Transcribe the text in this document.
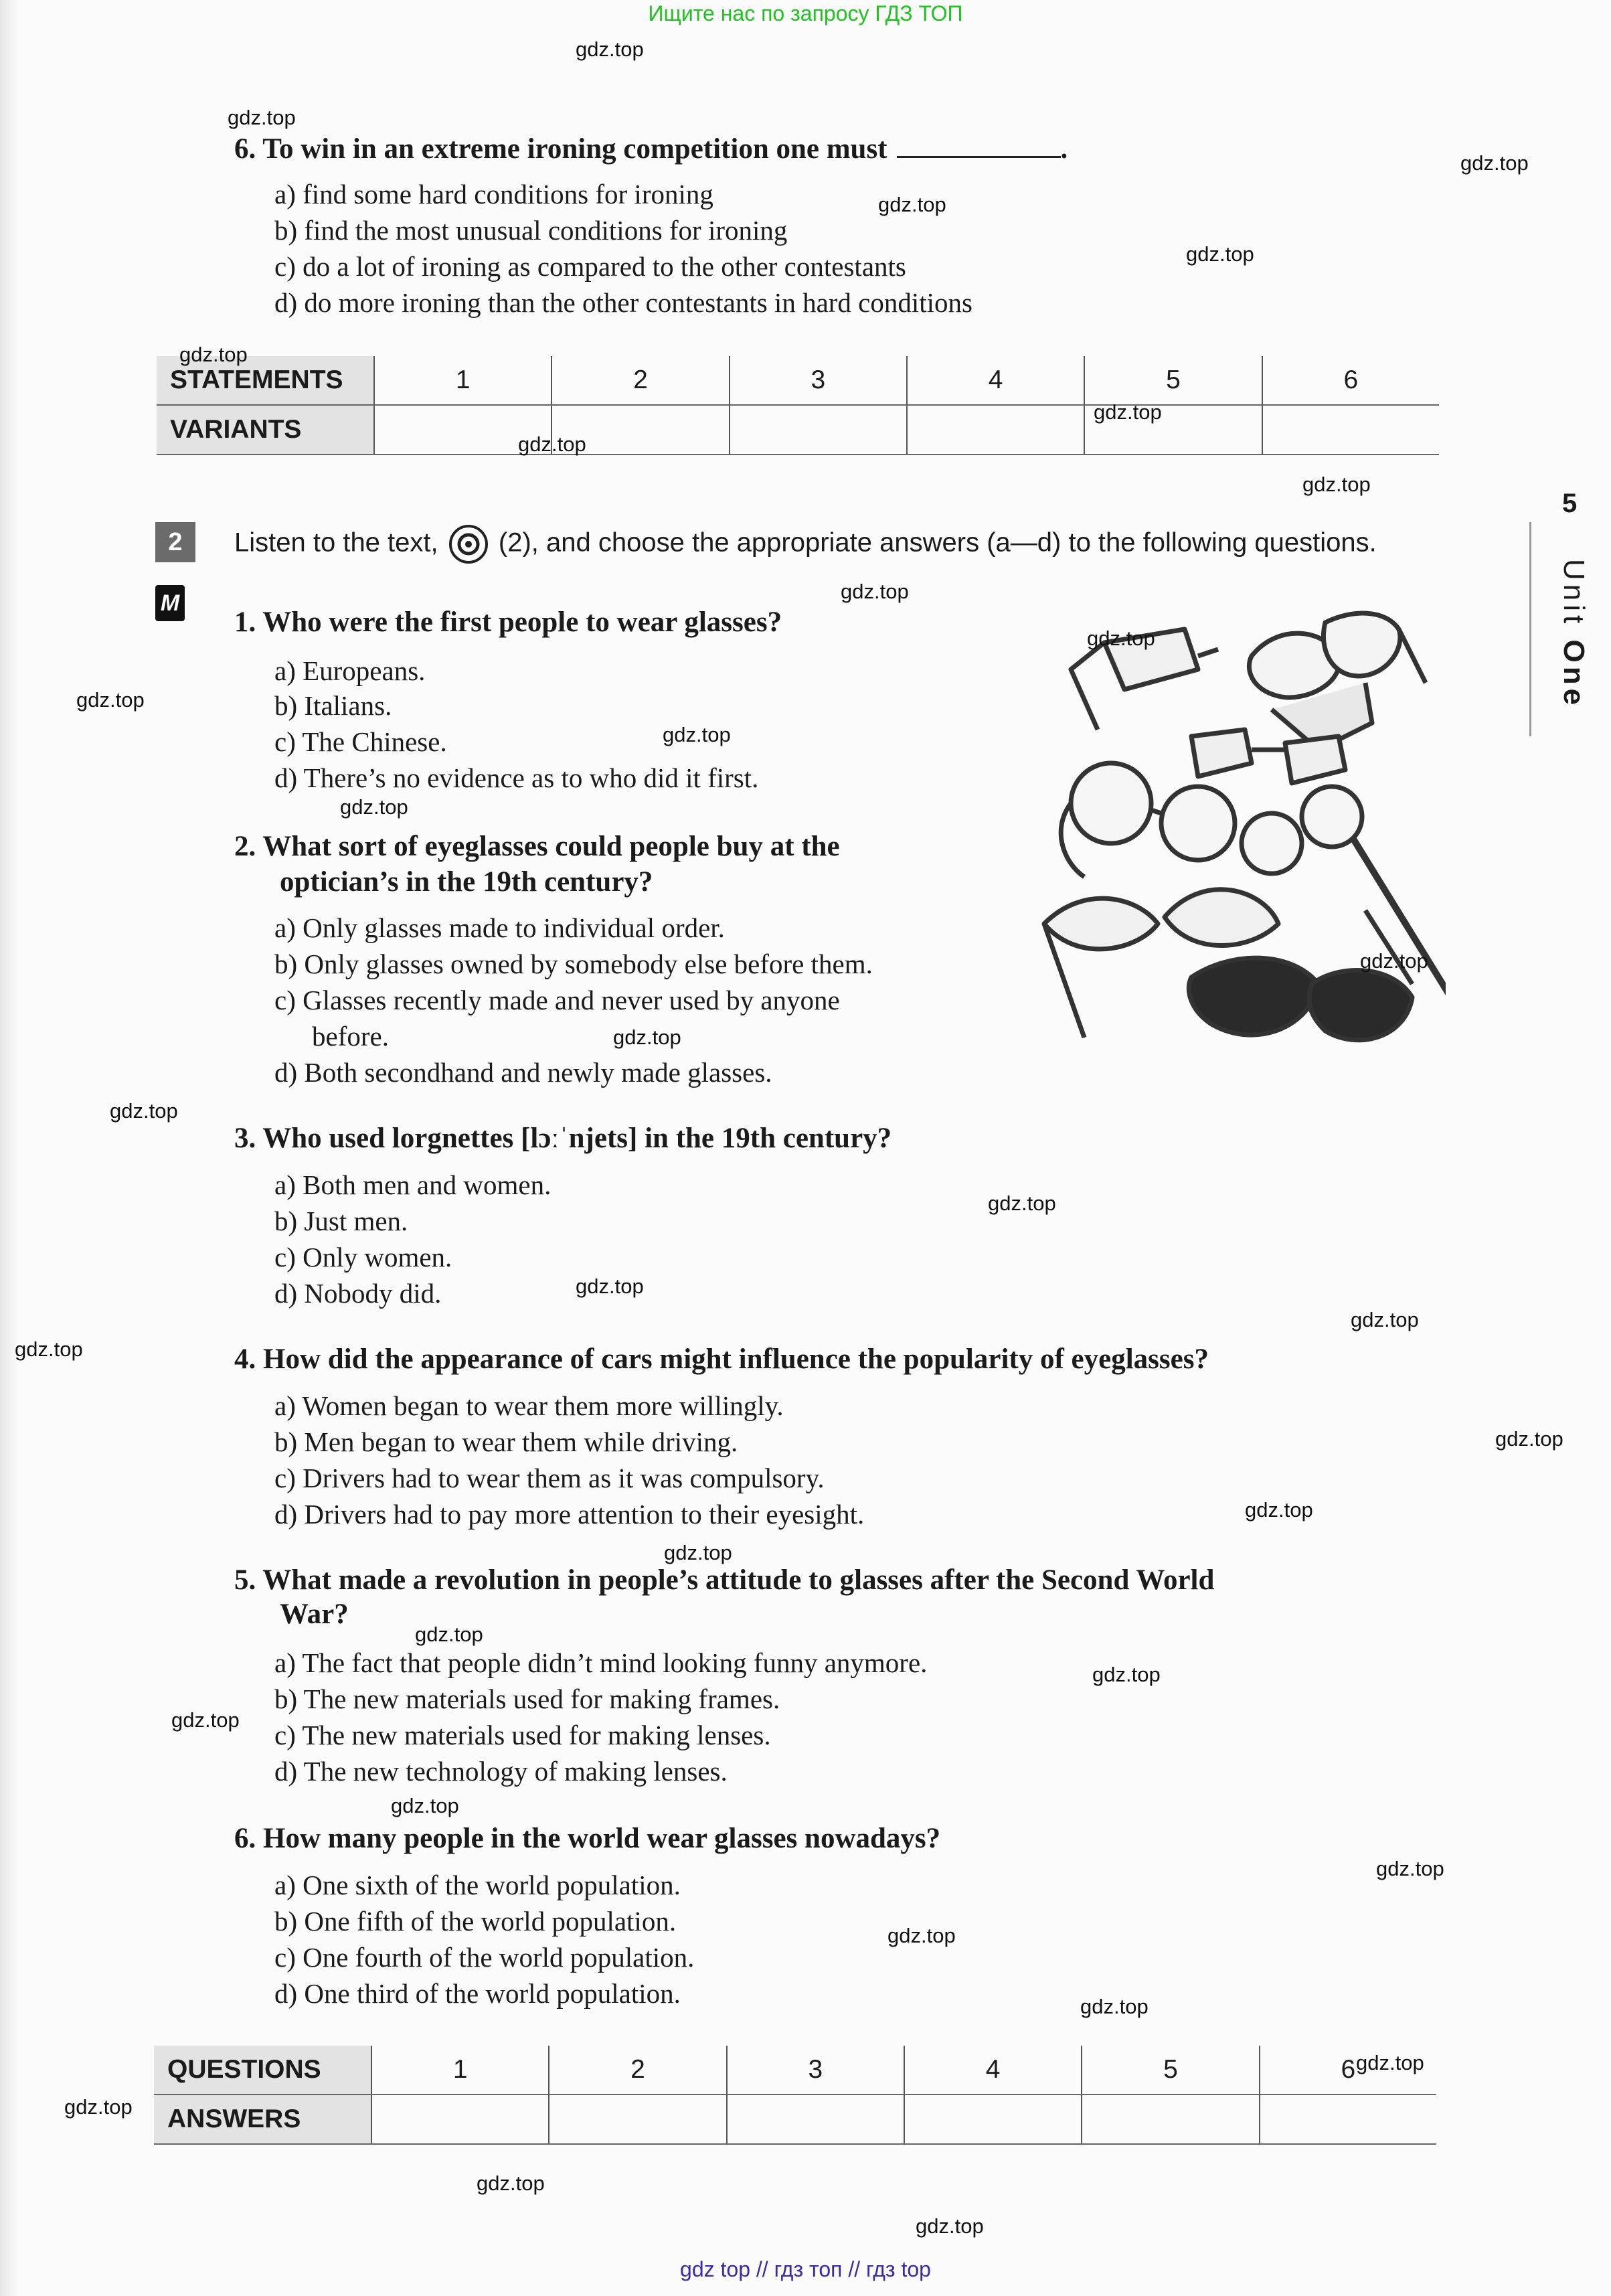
Ищите нас по запросу ГДЗ ТОП
6. To win in an extreme ironing competition one must	.
a) find some hard conditions for ironing
b) find the most unusual conditions for ironing
c) do a lot of ironing as compared to the other contestants
d) do more ironing than the other contestants in hard conditions
STATEMENTS	1	2	3	4	5	6
VARIANTS						
2
M
Listen to the text, (2), and choose the appropriate answers (a—d) to the following questions.
1. Who were the first people to wear glasses?
a) Europeans.
b) Italians.
c) The Chinese.
d) There’s no evidence as to who did it first.
2. What sort of eyeglasses could people buy at the
optician’s in the 19th century?
a) Only glasses made to individual order.
b) Only glasses owned by somebody else before them.
c) Glasses recently made and never used by anyone
before.
d) Both secondhand and newly made glasses.
3. Who used lorgnettes [lɔːˈnjets] in the 19th century?
a) Both men and women.
b) Just men.
c) Only women.
d) Nobody did.
4. How did the appearance of cars might influence the popularity of eyeglasses?
a) Women began to wear them more willingly.
b) Men began to wear them while driving.
c) Drivers had to wear them as it was compulsory.
d) Drivers had to pay more attention to their eyesight.
5. What made a revolution in people’s attitude to glasses after the Second World
War?
a) The fact that people didn’t mind looking funny anymore.
b) The new materials used for making frames.
c) The new materials used for making lenses.
d) The new technology of making lenses.
6. How many people in the world wear glasses nowadays?
a) One sixth of the world population.
b) One fifth of the world population.
c) One fourth of the world population.
d) One third of the world population.
QUESTIONS	1	2	3	4	5	6
ANSWERS						
5
Unit One
gdz.top
gdz.top
gdz.top
gdz.top
gdz.top
gdz.top
gdz.top
gdz.top
gdz.top
gdz.top
gdz.top
gdz.top
gdz.top
gdz.top
gdz.top
gdz.top
gdz.top
gdz.top
gdz.top
gdz.top
gdz.top
gdz.top
gdz.top
gdz.top
gdz.top
gdz.top
gdz.top
gdz.top
gdz.top
gdz.top
gdz.top
gdz.top
gdz.top
gdz.top
gdz.top
gdz top // гдз топ // гдз top
